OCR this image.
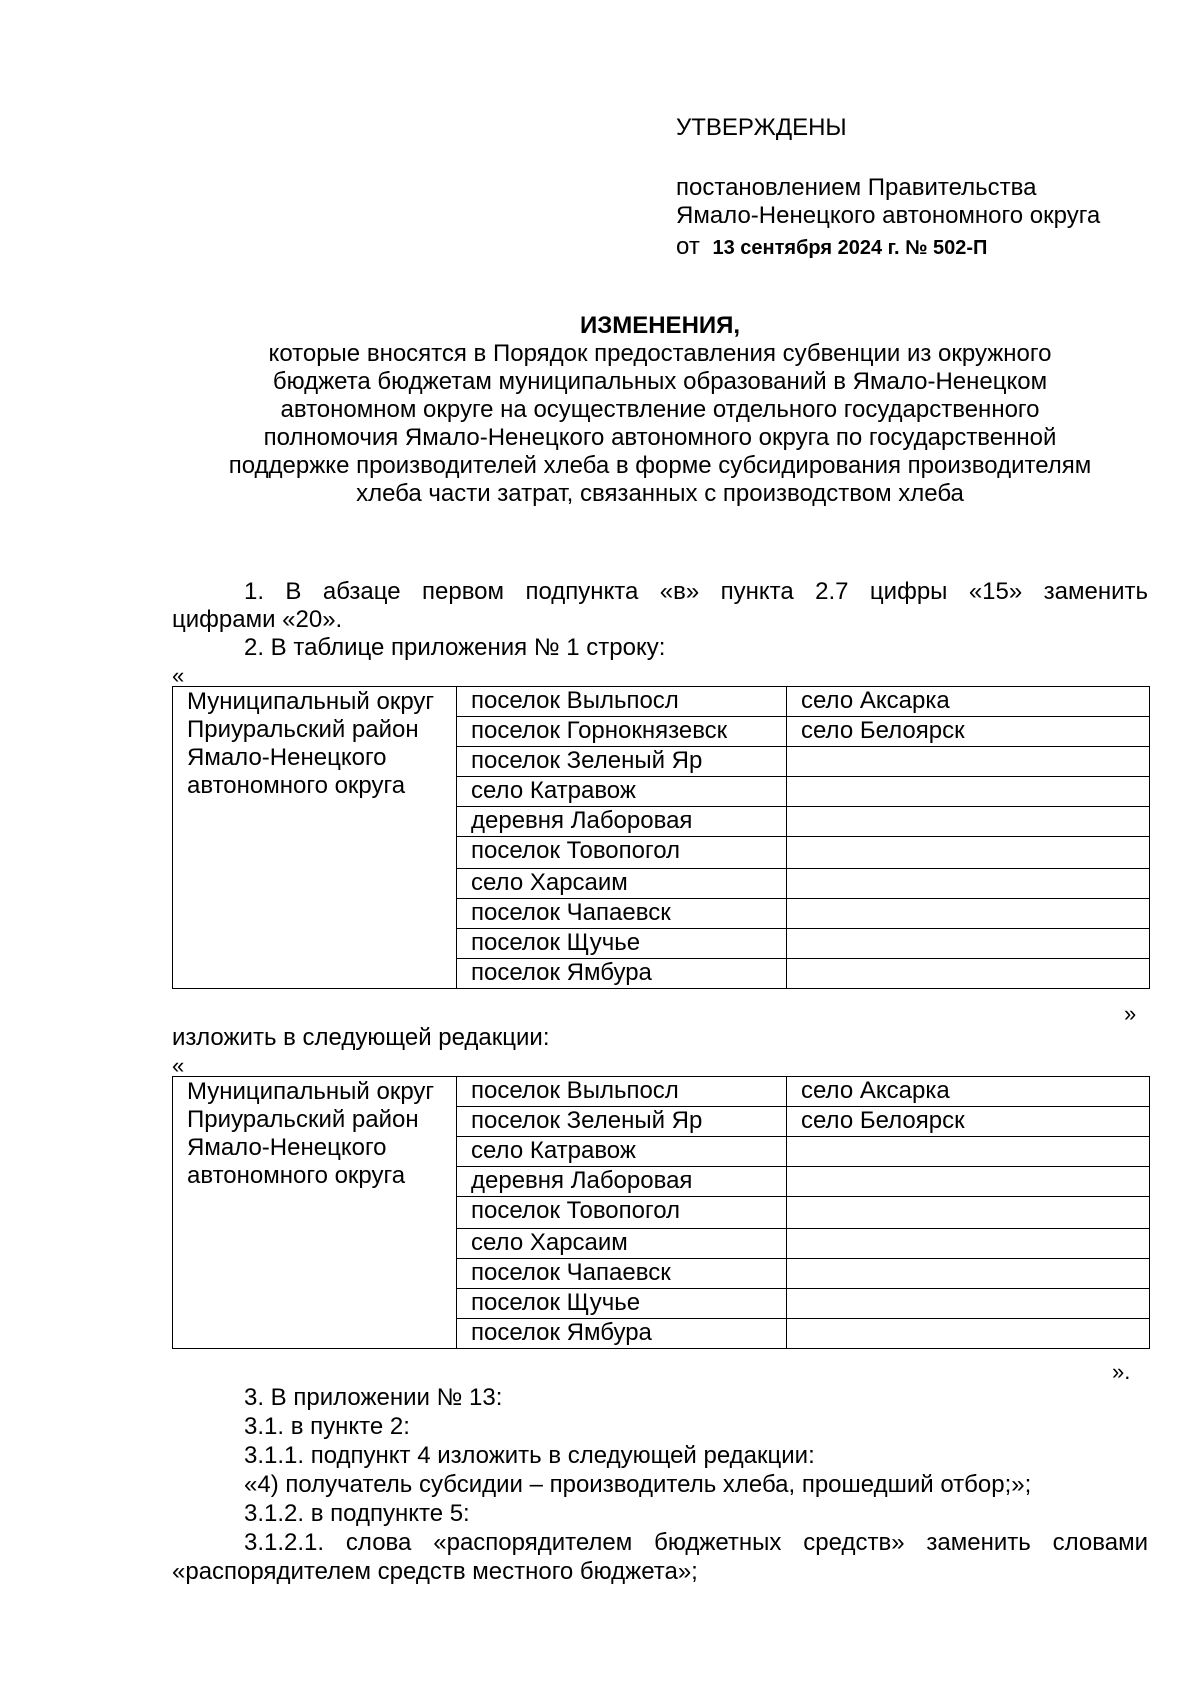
УТВЕРЖДЕНЫ
постановлением Правительства
Ямало-Ненецкого автономного округа
от 13 сентября 2024 г. № 502-П
ИЗМЕНЕНИЯ,
которые вносятся в Порядок предоставления субвенции из окружного
бюджета бюджетам муниципальных образований в Ямало-Ненецком
автономном округе на осуществление отдельного государственного
полномочия Ямало-Ненецкого автономного округа по государственной
поддержке производителей хлеба в форме субсидирования производителям
хлеба части затрат, связанных с производством хлеба
1. В абзаце первом подпункта «в» пункта 2.7 цифры «15» заменить
цифрами «20».
2. В таблице приложения № 1 строку:
«
Муниципальный округ Приуральский район Ямало-Ненецкого автономного округа	поселок Выльпосл	село Аксарка
	поселок Горнокнязевск	село Белоярск
	поселок Зеленый Яр	
	село Катравож	
	деревня Лаборовая	
	поселок Товопогол	
	село Харсаим	
	поселок Чапаевск	
	поселок Щучье	
	поселок Ямбура	
»
изложить в следующей редакции:
«
Муниципальный округ Приуральский район Ямало-Ненецкого автономного округа	поселок Выльпосл	село Аксарка
	поселок Зеленый Яр	село Белоярск
	село Катравож	
	деревня Лаборовая	
	поселок Товопогол	
	село Харсаим	
	поселок Чапаевск	
	поселок Щучье	
	поселок Ямбура	
».
3. В приложении № 13:
3.1. в пункте 2:
3.1.1. подпункт 4 изложить в следующей редакции:
«4) получатель субсидии – производитель хлеба, прошедший отбор;»;
3.1.2. в подпункте 5:
3.1.2.1. слова «распорядителем бюджетных средств» заменить словами
«распорядителем средств местного бюджета»;
